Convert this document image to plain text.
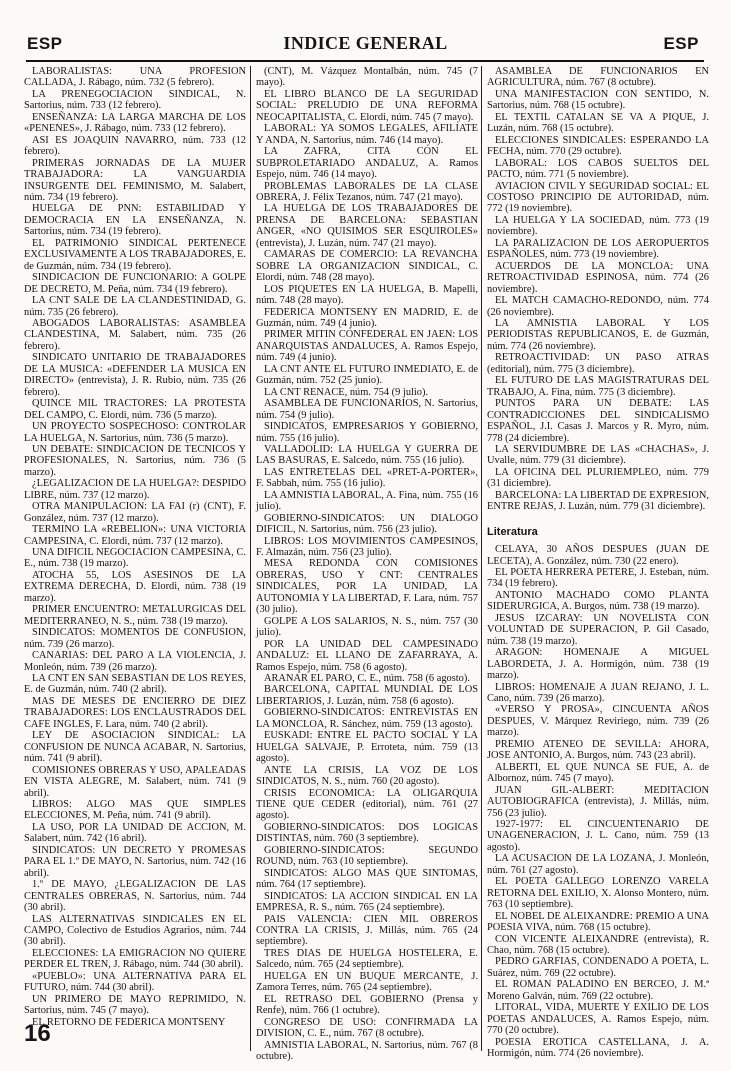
ESP	INDICE GENERAL	ESP

LABORALISTAS: UNA PROFESION CALLADA, J. Rábago, núm. 732 (5 febrero).

LA PRENEGOCIACION SINDICAL, N. Sartorius, núm. 733 (12 febrero).

ENSEÑANZA: LA LARGA MARCHA DE LOS «PENENES», J. Rábago, núm. 733 (12 febrero).

ASI ES JOAQUIN NAVARRO, núm. 733 (12 febrero).

PRIMERAS JORNADAS DE LA MUJER TRABAJADORA: LA VANGUARDIA INSURGENTE DEL FEMINISMO, M. Salabert, núm. 734 (19 febrero).

HUELGA DE PNN: ESTABILIDAD Y DEMOCRACIA EN LA ENSEÑANZA, N. Sartorius, núm. 734 (19 febrero).

EL PATRIMONIO SINDICAL PERTENECE EXCLUSIVAMENTE A LOS TRABAJADORES, E. de Guzmán, núm. 734 (19 febrero).

SINDICACION DE FUNCIONARIO: A GOLPE DE DECRETO, M. Peña, núm. 734 (19 febrero).

LA CNT SALE DE LA CLANDESTINIDAD, G. núm. 735 (26 febrero).

ABOGADOS LABORALISTAS: ASAMBLEA CLANDESTINA, M. Salabert, núm. 735 (26 febrero).

SINDICATO UNITARIO DE TRABAJADORES DE LA MUSICA: «DEFENDER LA MUSICA EN DIRECTO» (entrevista), J. R. Rubio, núm. 735 (26 febrero).

QUINCE MIL TRACTORES: LA PROTESTA DEL CAMPO, C. Elordi, núm. 736 (5 marzo).

UN PROYECTO SOSPECHOSO: CONTROLAR LA HUELGA, N. Sartorius, núm. 736 (5 marzo).

UN DEBATE: SINDICACION DE TECNICOS Y PROFESIONALES, N. Sartorius, núm. 736 (5 marzo).

¿LEGALIZACION DE LA HUELGA?: DESPIDO LIBRE, núm. 737 (12 marzo).

OTRA MANIPULACION: LA FAI (r) (CNT), F. González, núm. 737 (12 marzo).

TERMINO LA «REBELION»: UNA VICTORIA CAMPESINA, C. Elordi, núm. 737 (12 marzo).

UNA DIFICIL NEGOCIACION CAMPESINA, C. E., núm. 738 (19 marzo).

ATOCHA 55, LOS ASESINOS DE LA EXTREMA DERECHA, D. Elordi, núm. 738 (19 marzo).

PRIMER ENCUENTRO: METALURGICAS DEL MEDITERRANEO, N. S., núm. 738 (19 marzo).

SINDICATOS: MOMENTOS DE CONFUSION, núm. 739 (26 marzo).

CANARIAS: DEL PARO A LA VIOLENCIA, J. Monleón, núm. 739 (26 marzo).

LA CNT EN SAN SEBASTIAN DE LOS REYES, E. de Guzmán, núm. 740 (2 abril).

MAS DE MESES DE ENCIERRO DE DIEZ TRABAJADORES: LOS ENCLAUSTRADOS DEL CAFE INGLES, F. Lara, núm. 740 (2 abril).

LEY DE ASOCIACION SINDICAL: LA CONFUSION DE NUNCA ACABAR, N. Sartorius, núm. 741 (9 abril).

COMISIONES OBRERAS Y USO, APALEADAS EN VISTA ALEGRE, M. Salabert, núm. 741 (9 abril).

LIBROS: ALGO MAS QUE SIMPLES ELECCIONES, M. Peña, núm. 741 (9 abril).

LA USO, POR LA UNIDAD DE ACCION, M. Salabert, núm. 742 (16 abril).

SINDICATOS: UN DECRETO Y PROMESAS PARA EL 1.º DE MAYO, N. Sartorius, núm. 742 (16 abril).

1.º DE MAYO, ¿LEGALIZACION DE LAS CENTRALES OBRERAS, N. Sartorius, núm. 744 (30 abril).

LAS ALTERNATIVAS SINDICALES EN EL CAMPO, Colectivo de Estudios Agrarios, núm. 744 (30 abril).

ELECCIONES: LA EMIGRACION NO QUIERE PERDER EL TREN, J. Rábago, núm. 744 (30 abril).

«PUEBLO»: UNA ALTERNATIVA PARA EL FUTURO, núm. 744 (30 abril).

UN PRIMERO DE MAYO REPRIMIDO, N. Sartorius, núm. 745 (7 mayo).

EL RETORNO DE FEDERICA MONTSENY

(CNT), M. Vázquez Montalbán, núm. 745 (7 mayo).

EL LIBRO BLANCO DE LA SEGURIDAD SOCIAL: PRELUDIO DE UNA REFORMA NEOCAPITALISTA, C. Elordi, núm. 745 (7 mayo).

LABORAL: YA SOMOS LEGALES, AFILIATE Y ANDA, N. Sartorius, núm. 746 (14 mayo).

LA ZAFRA, CITA CON EL SUBPROLETARIADO ANDALUZ, A. Ramos Espejo, núm. 746 (14 mayo).

PROBLEMAS LABORALES DE LA CLASE OBRERA, J. Félix Tezanos, núm. 747 (21 mayo).

LA HUELGA DE LOS TRABAJADORES DE PRENSA DE BARCELONA: SEBASTIAN ANGER, «NO QUISIMOS SER ESQUIROLES» (entrevista), J. Luzán, núm. 747 (21 mayo).

CAMARAS DE COMERCIO: LA REVANCHA SOBRE LA ORGANIZACION SINDICAL, C. Elordi, núm. 748 (28 mayo).

LOS PIQUETES EN LA HUELGA, B. Mapelli, núm. 748 (28 mayo).

FEDERICA MONTSENY EN MADRID, E. de Guzmán, núm. 749 (4 junio).

PRIMER MITIN CONFEDERAL EN JAEN: LOS ANARQUISTAS ANDALUCES, A. Ramos Espejo, núm. 749 (4 junio).

LA CNT ANTE EL FUTURO INMEDIATO, E. de Guzmán, núm. 752 (25 junio).

LA CNT RENACE, núm. 754 (9 julio).

ASAMBLEA DE FUNCIONARIOS, N. Sartorius, núm. 754 (9 julio).

SINDICATOS, EMPRESARIOS Y GOBIERNO, núm. 755 (16 julio).

VALLADOLID: LA HUELGA Y GUERRA DE LAS BASURAS, E. Salcedo, núm. 755 (16 julio).

LAS ENTRETELAS DEL «PRET-A-PORTER», F. Sabbah, núm. 755 (16 julio).

LA AMNISTIA LABORAL, A. Fina, núm. 755 (16 julio).

GOBIERNO-SINDICATOS: UN DIALOGO DIFICIL, N. Sartorius, núm. 756 (23 julio).

LIBROS: LOS MOVIMIENTOS CAMPESINOS, F. Almazán, núm. 756 (23 julio).

MESA REDONDA CON COMISIONES OBRERAS, USO Y CNT: CENTRALES SINDICALES, POR LA UNIDAD, LA AUTONOMIA Y LA LIBERTAD, F. Lara, núm. 757 (30 julio).

GOLPE A LOS SALARIOS, N. S., núm. 757 (30 julio).

POR LA UNIDAD DEL CAMPESINADO ANDALUZ: EL LLANO DE ZAFARRAYA, A. Ramos Espejo, núm. 758 (6 agosto).

ARANAR EL PARO, C. E., núm. 758 (6 agosto).

BARCELONA, CAPITAL MUNDIAL DE LOS LIBERTARIOS, J. Luzán, núm. 758 (6 agosto).

GOBIERNO-SINDICATOS: ENTREVISTAS EN LA MONCLOA, R. Sánchez, núm. 759 (13 agosto).

EUSKADI: ENTRE EL PACTO SOCIAL Y LA HUELGA SALVAJE, P. Erroteta, núm. 759 (13 agosto).

ANTE LA CRISIS, LA VOZ DE LOS SINDICATOS, N. S., núm. 760 (20 agosto).

CRISIS ECONOMICA: LA OLIGARQUIA TIENE QUE CEDER (editorial), núm. 761 (27 agosto).

GOBIERNO-SINDICATOS: DOS LOGICAS DISTINTAS, núm. 760 (3 septiembre).

GOBIERNO-SINDICATOS: SEGUNDO ROUND, núm. 763 (10 septiembre).

SINDICATOS: ALGO MAS QUE SINTOMAS, núm. 764 (17 septiembre).

SINDICATOS: LA ACCION SINDICAL EN LA EMPRESA, R. S., núm. 765 (24 septiembre).

PAIS VALENCIA: CIEN MIL OBREROS CONTRA LA CRISIS, J. Millás, núm. 765 (24 septiembre).

TRES DIAS DE HUELGA HOSTELERA, E. Salcedo, núm. 765 (24 septiembre).

HUELGA EN UN BUQUE MERCANTE, J. Zamora Terres, núm. 765 (24 septiembre).

EL RETRASO DEL GOBIERNO (Prensa y Renfe), núm. 766 (1 octubre).

CONGRESO DE USO: CONFIRMADA LA DIVISION, C. E., núm. 767 (8 octubre).

AMNISTIA LABORAL, N. Sartorius, núm. 767 (8 octubre).

ASAMBLEA DE FUNCIONARIOS EN AGRICULTURA, núm. 767 (8 octubre).

UNA MANIFESTACION CON SENTIDO, N. Sartorius, núm. 768 (15 octubre).

EL TEXTIL CATALAN SE VA A PIQUE, J. Luzán, núm. 768 (15 octubre).

ELECCIONES SINDICALES: ESPERANDO LA FECHA, núm. 770 (29 octubre).

LABORAL: LOS CABOS SUELTOS DEL PACTO, núm. 771 (5 noviembre).

AVIACION CIVIL Y SEGURIDAD SOCIAL: EL COSTOSO PRINCIPIO DE AUTORIDAD, núm. 772 (19 noviembre).

LA HUELGA Y LA SOCIEDAD, núm. 773 (19 noviembre).

LA PARALIZACION DE LOS AEROPUERTOS ESPAÑOLES, núm. 773 (19 noviembre).

ACUERDOS DE LA MONCLOA: UNA RETROACTIVIDAD ESPINOSA, núm. 774 (26 noviembre).

EL MATCH CAMACHO-REDONDO, núm. 774 (26 noviembre).

LA AMNISTIA LABORAL Y LOS PERIODISTAS REPUBLICANOS, E. de Guzmán, núm. 774 (26 noviembre).

RETROACTIVIDAD: UN PASO ATRAS (editorial), núm. 775 (3 diciembre).

EL FUTURO DE LAS MAGISTRATURAS DEL TRABAJO, A. Fina, núm. 775 (3 diciembre).

PUNTOS PARA UN DEBATE: LAS CONTRADICCIONES DEL SINDICALISMO ESPAÑOL, J.I. Casas J. Marcos y R. Myro, núm. 778 (24 diciembre).

LA SERVIDUMBRE DE LAS «CHACHAS», J. Uvalle, núm. 779 (31 diciembre).

LA OFICINA DEL PLURIEMPLEO, núm. 779 (31 diciembre).

BARCELONA: LA LIBERTAD DE EXPRESION, ENTRE REJAS, J. Luzán, núm. 779 (31 diciembre).

Literatura

CELAYA, 30 AÑOS DESPUES (JUAN DE LECETA), A. González, núm. 730 (22 enero).

EL POETA HERRERA PETERE, J. Esteban, núm. 734 (19 febrero).

ANTONIO MACHADO COMO PLANTA SIDERURGICA, A. Burgos, núm. 738 (19 marzo).

JESUS IZCARAY: UN NOVELISTA CON VOLUNTAD DE SUPERACION, P. Gil Casado, núm. 738 (19 marzo).

ARAGON: HOMENAJE A MIGUEL LABORDETA, J. A. Hormigón, núm. 738 (19 marzo).

LIBROS: HOMENAJE A JUAN REJANO, J. L. Cano, núm. 739 (26 marzo).

«VERSO Y PROSA», CINCUENTA AÑOS DESPUES, V. Márquez Reviriego, núm. 739 (26 marzo).

PREMIO ATENEO DE SEVILLA: AHORA, JOSE ANTONIO, A. Burgos, núm. 743 (23 abril).

ALBERTI, EL QUE NUNCA SE FUE, A. de Albornoz, núm. 745 (7 mayo).

JUAN GIL-ALBERT: MEDITACION AUTOBIOGRAFICA (entrevista), J. Millás, núm. 756 (23 julio).

1927-1977: EL CINCUENTENARIO DE UNAGENERACION, J. L. Cano, núm. 759 (13 agosto).

LA ACUSACION DE LA LOZANA, J. Monleón, núm. 761 (27 agosto).

EL POETA GALLEGO LORENZO VARELA RETORNA DEL EXILIO, X. Alonso Montero, núm. 763 (10 septiembre).

EL NOBEL DE ALEIXANDRE: PREMIO A UNA POESIA VIVA, núm. 768 (15 octubre).

CON VICENTE ALEIXANDRE (entrevista), R. Chao, núm. 768 (15 octubre).

PEDRO GARFIAS, CONDENADO A POETA, L. Suárez, núm. 769 (22 octubre).

EL ROMAN PALADINO EN BERCEO, J. M.ª Moreno Galván, núm. 769 (22 octubre).

LITORAL, VIDA, MUERTE Y EXILIO DE LOS POETAS ANDALUCES, A. Ramos Espejo, núm. 770 (20 octubre).

POESIA EROTICA CASTELLANA, J. A. Hormigón, núm. 774 (26 noviembre).

16
